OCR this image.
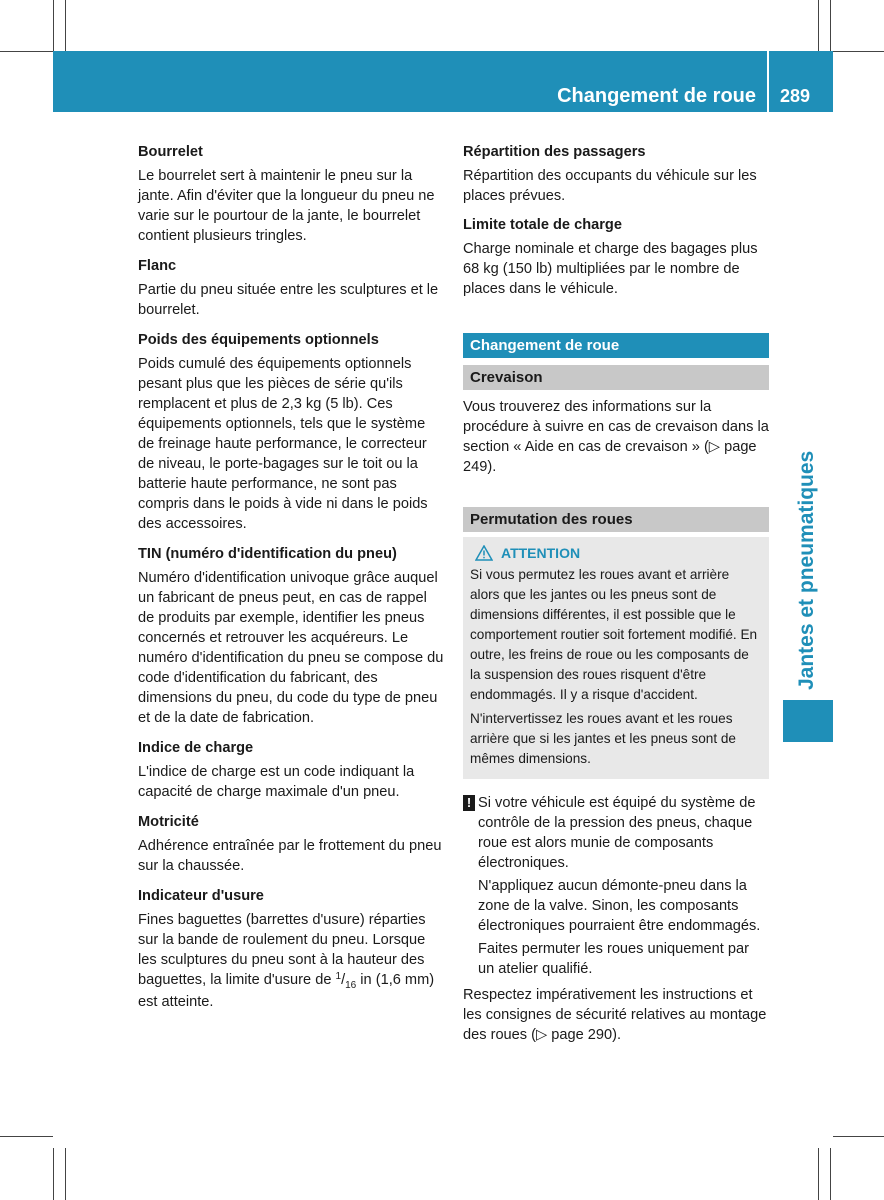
Changement de roue	289
Bourrelet

Le bourrelet sert à maintenir le pneu sur la jante. Afin d'éviter que la longueur du pneu ne varie sur le pourtour de la jante, le bourrelet contient plusieurs tringles.

Flanc

Partie du pneu située entre les sculptures et le bourrelet.

Poids des équipements optionnels

Poids cumulé des équipements optionnels pesant plus que les pièces de série qu'ils remplacent et plus de 2,3 kg (5 lb). Ces équipements optionnels, tels que le système de freinage haute performance, le correcteur de niveau, le porte-bagages sur le toit ou la batterie haute performance, ne sont pas compris dans le poids à vide ni dans le poids des accessoires.

TIN (numéro d'identification du pneu)

Numéro d'identification univoque grâce auquel un fabricant de pneus peut, en cas de rappel de produits par exemple, identifier les pneus concernés et retrouver les acquéreurs. Le numéro d'identification du pneu se compose du code d'identification du fabricant, des dimensions du pneu, du code du type de pneu et de la date de fabrication.

Indice de charge

L'indice de charge est un code indiquant la capacité de charge maximale d'un pneu.

Motricité

Adhérence entraînée par le frottement du pneu sur la chaussée.

Indicateur d'usure

Fines baguettes (barrettes d'usure) réparties sur la bande de roulement du pneu. Lorsque les sculptures du pneu sont à la hauteur des baguettes, la limite d'usure de $^1/_{16}$ in (1,6 mm) est atteinte.

Répartition des passagers

Répartition des occupants du véhicule sur les places prévues.

Limite totale de charge

Charge nominale et charge des bagages plus 68 kg (150 lb) multipliées par le nombre de places dans le véhicule.

Changement de roue
Crevaison

Vous trouverez des informations sur la procédure à suivre en cas de crevaison dans la section « Aide en cas de crevaison » (▷ page 249).

Permutation des roues
ATTENTION

Si vous permutez les roues avant et arrière alors que les jantes ou les pneus sont de dimensions différentes, il est possible que le comportement routier soit fortement modifié. En outre, les freins de roue ou les composants de la suspension des roues risquent d'être endommagés. Il y a risque d'accident.

N'intervertissez les roues avant et les roues arrière que si les jantes et les pneus sont de mêmes dimensions.

! Si votre véhicule est équipé du système de contrôle de la pression des pneus, chaque roue est alors munie de composants électroniques.

N'appliquez aucun démonte-pneu dans la zone de la valve. Sinon, les composants électroniques pourraient être endommagés.

Faites permuter les roues uniquement par un atelier qualifié.

Respectez impérativement les instructions et les consignes de sécurité relatives au montage des roues (▷ page 290).

Jantes et pneumatiques
